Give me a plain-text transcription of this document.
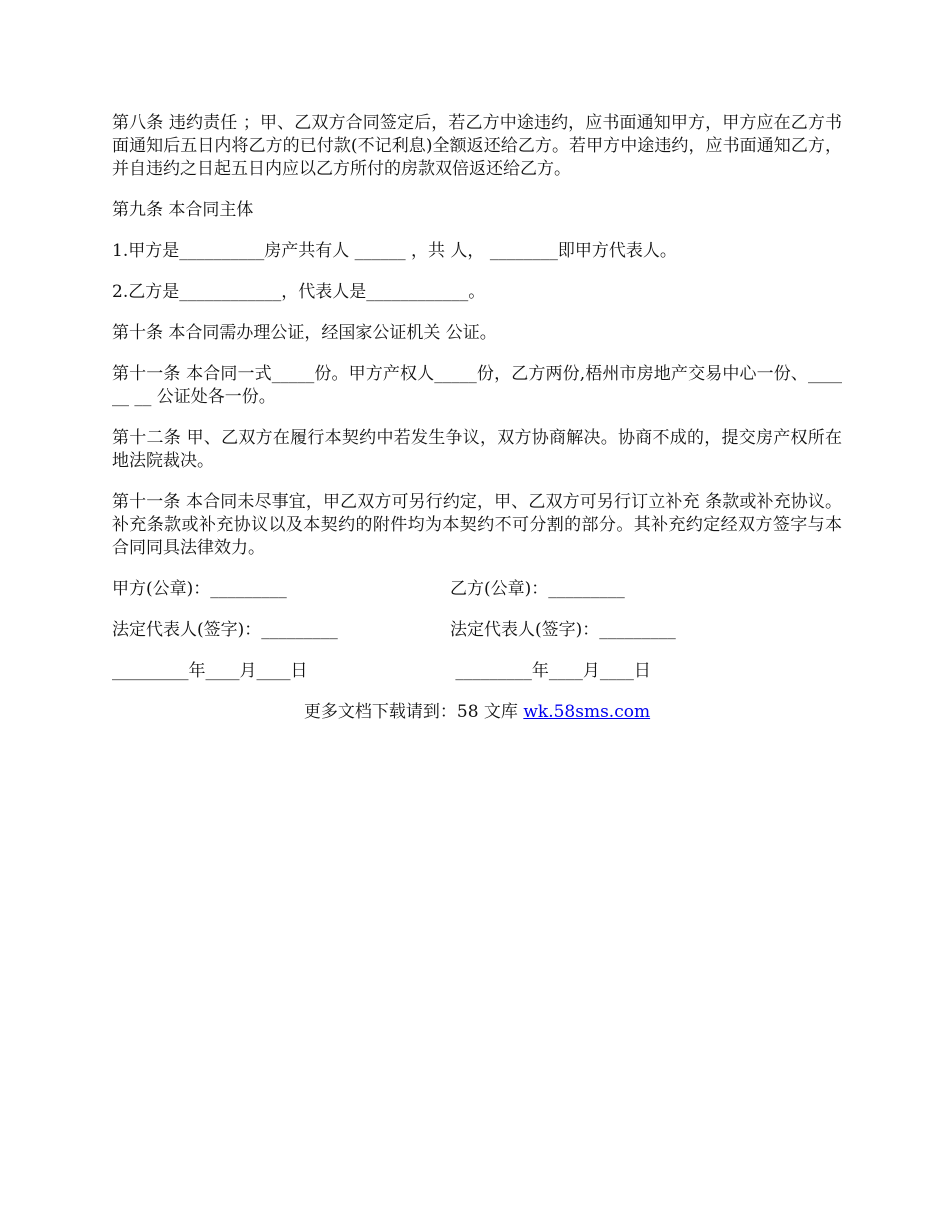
第八条 违约责任 ；甲、乙双方合同签定后，若乙方中途违约，应书面通知甲方，甲方应在乙方书面通知后五日内将乙方的已付款(不记利息)全额返还给乙方。若甲方中途违约，应书面通知乙方，并自违约之日起五日内应以乙方所付的房款双倍返还给乙方。

第九条 本合同主体

1.甲方是__________房产共有人 ______ ，共 人， ________即甲方代表人。

2.乙方是____________，代表人是____________。

第十条 本合同需办理公证，经国家公证机关 公证。

第十一条 本合同一式_____份。甲方产权人_____份，乙方两份,梧州市房地产交易中心一份、______ __ 公证处各一份。

第十二条 甲、乙双方在履行本契约中若发生争议，双方协商解决。协商不成的，提交房产权所在地法院裁决。

第十一条 本合同未尽事宜，甲乙双方可另行约定，甲、乙双方可另行订立补充 条款或补充协议。补充条款或补充协议以及本契约的附件均为本契约不可分割的部分。其补充约定经双方签字与本合同同具法律效力。

甲方(公章)：_________	乙方(公章)：_________
法定代表人(签字)：_________	法定代表人(签字)：_________
_________年____月____日	_________年____月____日
更多文档下载请到：58 文库 wk.58sms.com
